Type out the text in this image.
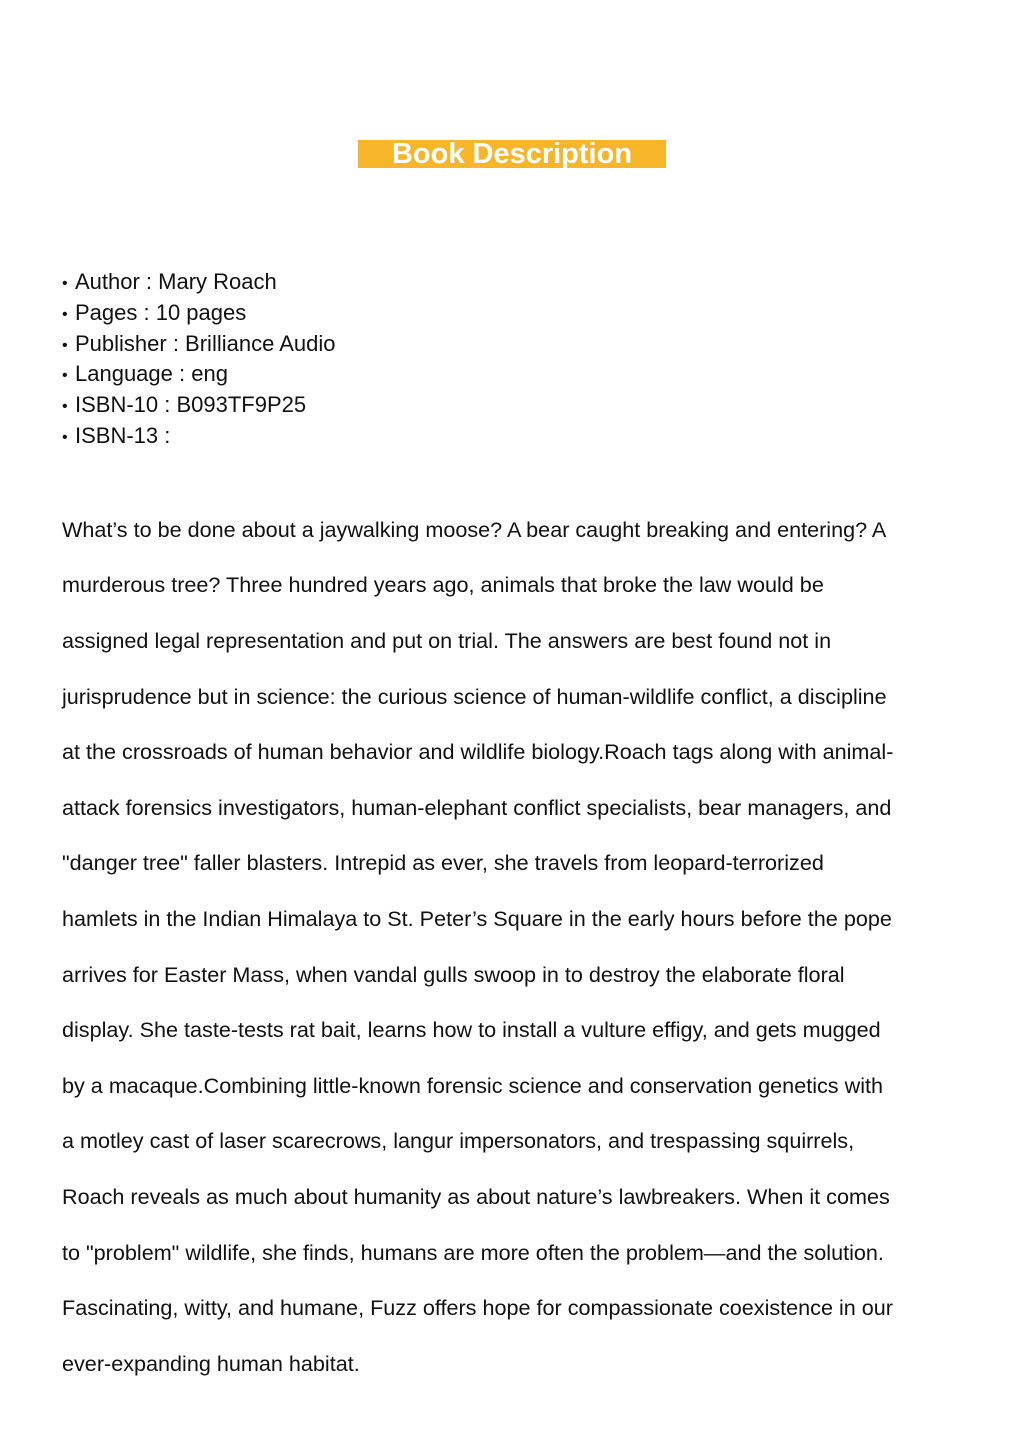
Book Description
• Author : Mary Roach
• Pages : 10 pages
• Publisher : Brilliance Audio
• Language : eng
• ISBN-10 : B093TF9P25
• ISBN-13 :

What’s to be done about a jaywalking moose? A bear caught breaking and entering? A

murderous tree? Three hundred years ago, animals that broke the law would be

assigned legal representation and put on trial. The answers are best found not in

jurisprudence but in science: the curious science of human-wildlife conflict, a discipline

at the crossroads of human behavior and wildlife biology.Roach tags along with animal-

attack forensics investigators, human-elephant conflict specialists, bear managers, and

"danger tree" faller blasters. Intrepid as ever, she travels from leopard-terrorized

hamlets in the Indian Himalaya to St. Peter’s Square in the early hours before the pope

arrives for Easter Mass, when vandal gulls swoop in to destroy the elaborate floral

display. She taste-tests rat bait, learns how to install a vulture effigy, and gets mugged

by a macaque.Combining little-known forensic science and conservation genetics with

a motley cast of laser scarecrows, langur impersonators, and trespassing squirrels,

Roach reveals as much about humanity as about nature’s lawbreakers. When it comes

to "problem" wildlife, she finds, humans are more often the problem—and the solution.

Fascinating, witty, and humane, Fuzz offers hope for compassionate coexistence in our

ever-expanding human habitat.
